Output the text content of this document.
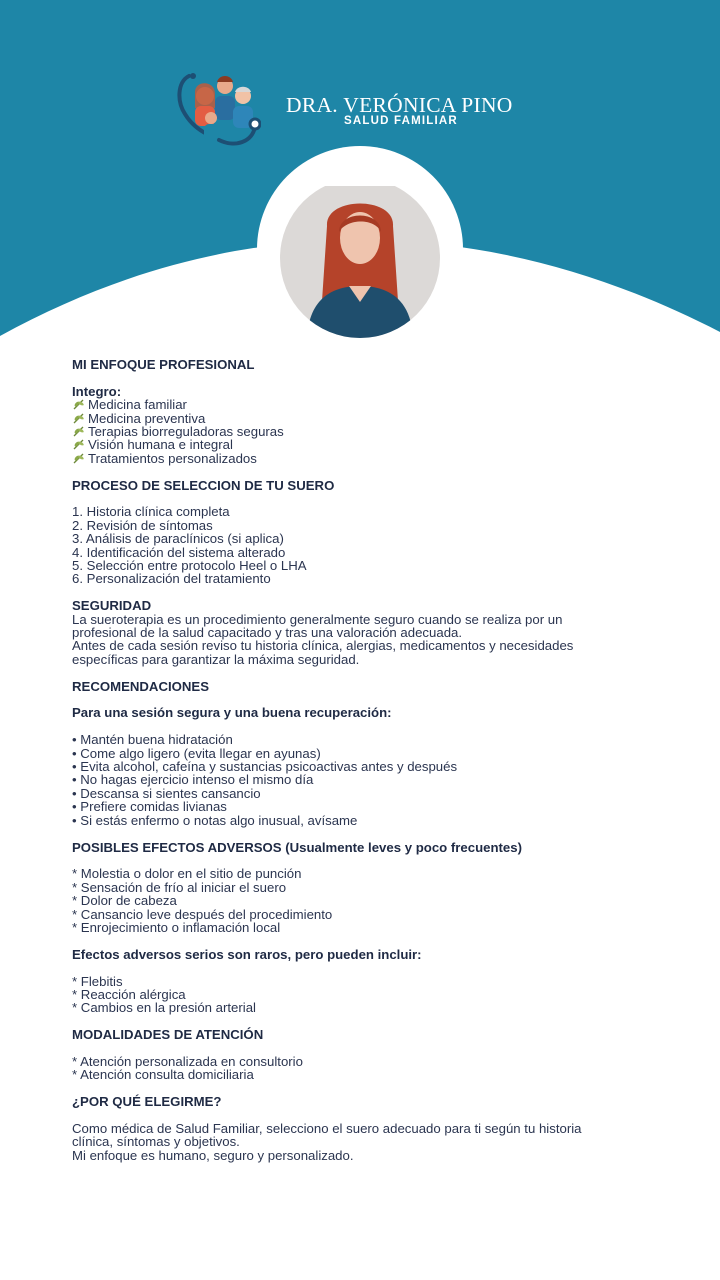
DRA. VERÓNICA PINO
SALUD FAMILIAR
MI ENFOQUE PROFESIONAL
Integro:
Medicina familiar
Medicina preventiva
Terapias biorreguladoras seguras
Visión humana e integral
Tratamientos personalizados
PROCESO DE SELECCION DE TU SUERO
1. Historia clínica completa
2. Revisión de síntomas
3. Análisis de paraclínicos (si aplica)
4. Identificación del sistema alterado
5. Selección entre protocolo Heel o LHA
6. Personalización del tratamiento
SEGURIDAD
La sueroterapia es un procedimiento generalmente seguro cuando se realiza por un
profesional de la salud capacitado y tras una valoración adecuada.
Antes de cada sesión reviso tu historia clínica, alergias, medicamentos y necesidades
específicas para garantizar la máxima seguridad.
RECOMENDACIONES
Para una sesión segura y una buena recuperación:
• Mantén buena hidratación
• Come algo ligero (evita llegar en ayunas)
• Evita alcohol, cafeína y sustancias psicoactivas antes y después
• No hagas ejercicio intenso el mismo día
• Descansa si sientes cansancio
• Prefiere comidas livianas
• Si estás enfermo o notas algo inusual, avísame
POSIBLES EFECTOS ADVERSOS (Usualmente leves y poco frecuentes)
* Molestia o dolor en el sitio de punción
* Sensación de frío al iniciar el suero
* Dolor de cabeza
* Cansancio leve después del procedimiento
* Enrojecimiento o inflamación local
Efectos adversos serios son raros, pero pueden incluir:
* Flebitis
* Reacción alérgica
* Cambios en la presión arterial
MODALIDADES DE ATENCIÓN
* Atención personalizada en consultorio
* Atención consulta domiciliaria
¿POR QUÉ ELEGIRME?
Como médica de Salud Familiar, selecciono el suero adecuado para ti según tu historia
clínica, síntomas y objetivos.
Mi enfoque es humano, seguro y personalizado.
